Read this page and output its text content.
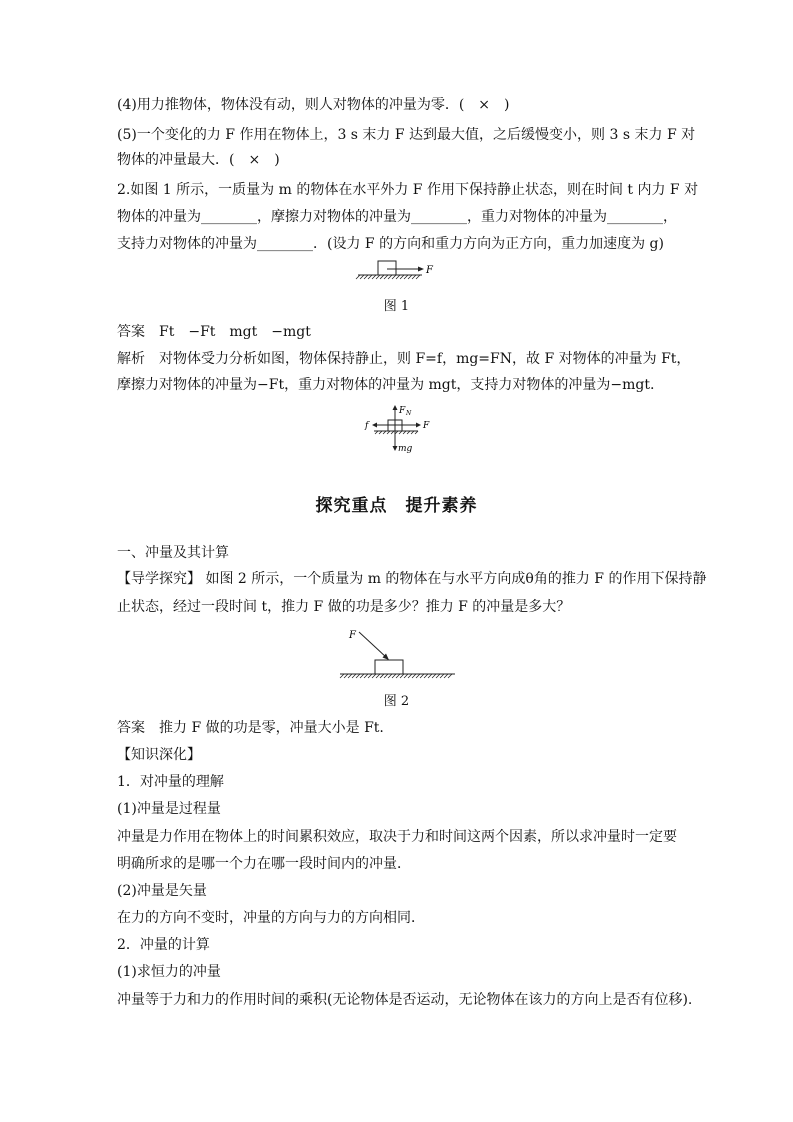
(4)用力推物体，物体没有动，则人对物体的冲量为零．(　×　)
(5)一个变化的力 F 作用在物体上，3 s 末力 F 达到最大值，之后缓慢变小，则 3 s 末力 F 对
物体的冲量最大．(　×　)
2.如图 1 所示，一质量为 m 的物体在水平外力 F 作用下保持静止状态，则在时间 t 内力 F 对
物体的冲量为________，摩擦力对物体的冲量为________，重力对物体的冲量为________，
支持力对物体的冲量为________．(设力 F 的方向和重力方向为正方向，重力加速度为 g)
F
图 1
答案　Ft　−Ft　mgt　−mgt
解析　对物体受力分析如图，物体保持静止，则 F=f，mg=FN，故 F 对物体的冲量为 Ft，
摩擦力对物体的冲量为−Ft，重力对物体的冲量为 mgt，支持力对物体的冲量为−mgt.
F N
f	F
mg
探究重点　提升素养
一、冲量及其计算
【导学探究】 如图 2 所示，一个质量为 m 的物体在与水平方向成θ角的推力 F 的作用下保持静
止状态，经过一段时间 t，推力 F 做的功是多少？推力 F 的冲量是多大？
F
图 2
答案　推力 F 做的功是零，冲量大小是 Ft.
【知识深化】
1．对冲量的理解
(1)冲量是过程量
冲量是力作用在物体上的时间累积效应，取决于力和时间这两个因素，所以求冲量时一定要
明确所求的是哪一个力在哪一段时间内的冲量．
(2)冲量是矢量
在力的方向不变时，冲量的方向与力的方向相同．
2．冲量的计算
(1)求恒力的冲量
冲量等于力和力的作用时间的乘积(无论物体是否运动，无论物体在该力的方向上是否有位移).
